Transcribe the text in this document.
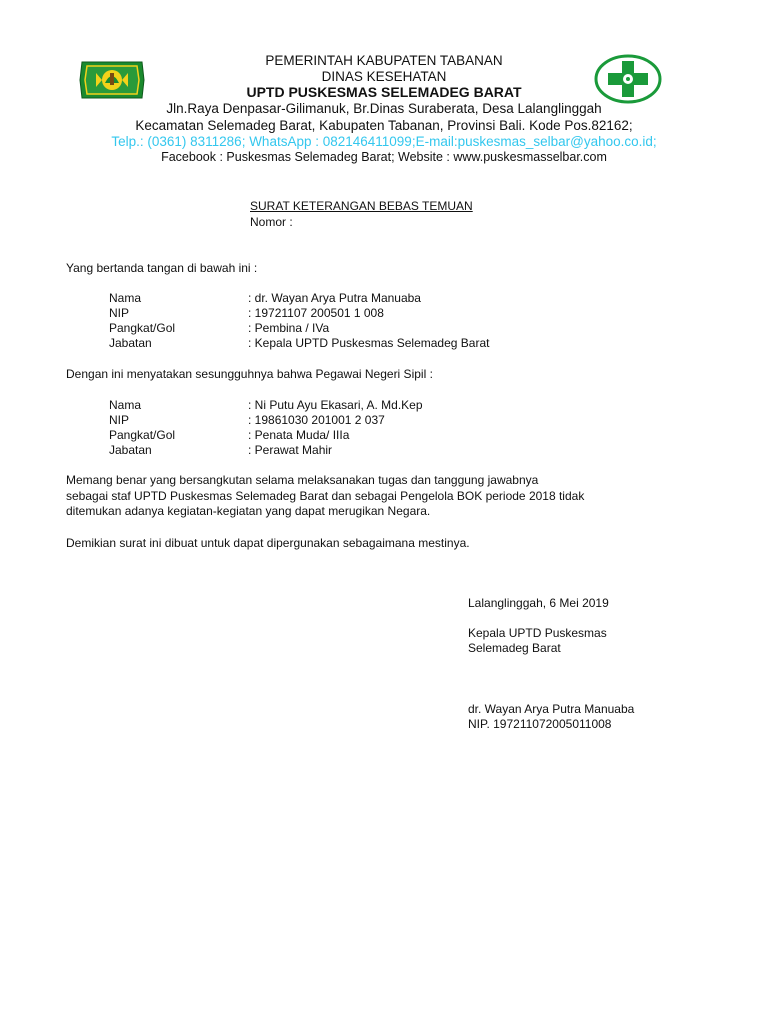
PEMERINTAH KABUPATEN TABANAN
DINAS KESEHATAN
UPTD PUSKESMAS SELEMADEG BARAT
Jln.Raya Denpasar-Gilimanuk, Br.Dinas Suraberata, Desa Lalanglinggah
Kecamatan Selemadeg Barat, Kabupaten Tabanan, Provinsi Bali. Kode Pos.82162;
Telp.: (0361) 8311286; WhatsApp : 082146411099;E-mail:puskesmas_selbar@yahoo.co.id;
Facebook : Puskesmas Selemadeg Barat; Website : www.puskesmasselbar.com
SURAT KETERANGAN BEBAS TEMUAN
Nomor :
Yang bertanda tangan di bawah ini :
Nama	: dr. Wayan Arya Putra Manuaba
NIP	: 19721107 200501 1 008
Pangkat/Gol	: Pembina / IVa
Jabatan	: Kepala UPTD Puskesmas Selemadeg Barat
Dengan ini menyatakan sesungguhnya bahwa Pegawai Negeri Sipil :
Nama	: Ni Putu Ayu Ekasari, A. Md.Kep
NIP	: 19861030 201001 2 037
Pangkat/Gol	: Penata Muda/ IIIa
Jabatan	: Perawat Mahir
Memang benar yang bersangkutan selama melaksanakan tugas dan tanggung jawabnya
sebagai staf UPTD Puskesmas Selemadeg Barat dan sebagai Pengelola BOK periode 2018 tidak
ditemukan adanya kegiatan-kegiatan yang dapat merugikan Negara.
Demikian surat ini dibuat untuk dapat dipergunakan sebagaimana mestinya.
Lalanglinggah, 6 Mei 2019
Kepala UPTD Puskesmas
Selemadeg Barat
dr. Wayan Arya Putra Manuaba
NIP. 197211072005011008
